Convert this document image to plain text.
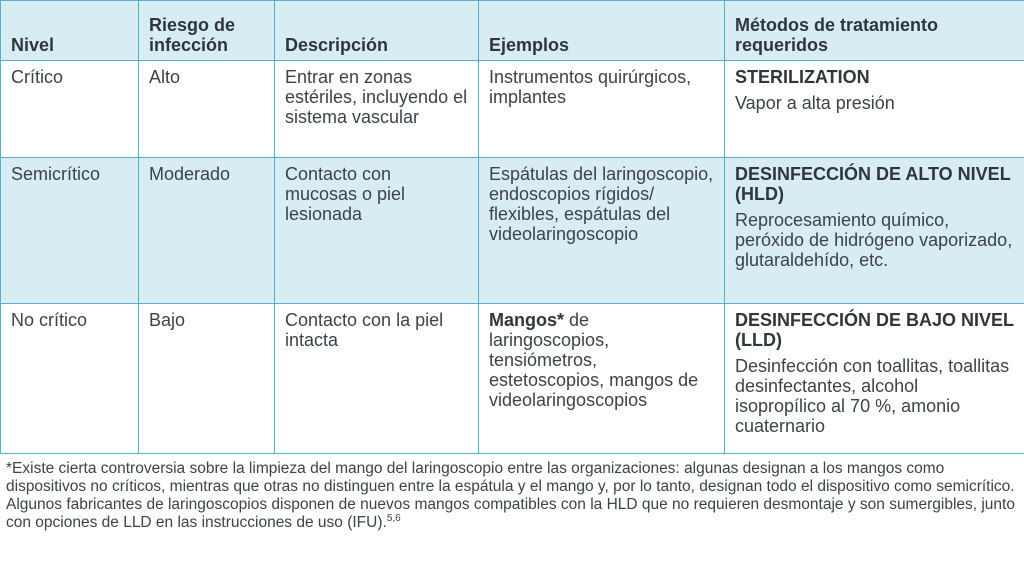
Nivel	Riesgo de infección	Descripción	Ejemplos	Métodos de tratamiento requeridos
Crítico	Alto	Entrar en zonas estériles, incluyendo el sistema vascular	Instrumentos quirúrgicos, implantes	STERILIZATION
Vapor a alta presión

Semicrítico	Moderado	Contacto con mucosas o piel lesionada	Espátulas del laringoscopio, endoscopios rígidos/ flexibles, espátulas del videolaringoscopio	DESINFECCIÓN DE ALTO NIVEL (HLD)
Reprocesamiento químico, peróxido de hidrógeno vaporizado, glutaraldehído, etc.

No crítico	Bajo	Contacto con la piel intacta	Mangos* de laringoscopios, tensiómetros, estetoscopios, mangos de videolaringoscopios	DESINFECCIÓN DE BAJO NIVEL (LLD)
Desinfección con toallitas, toallitas desinfectantes, alcohol isopropílico al 70 %, amonio cuaternario
*Existe cierta controversia sobre la limpieza del mango del laringoscopio entre las organizaciones: algunas designan a los mangos como dispositivos no críticos, mientras que otras no distinguen entre la espátula y el mango y, por lo tanto, designan todo el dispositivo como semicrítico. Algunos fabricantes de laringoscopios disponen de nuevos mangos compatibles con la HLD que no requieren desmontaje y son sumergibles, junto con opciones de LLD en las instrucciones de uso (IFU).$^{5,6}$
